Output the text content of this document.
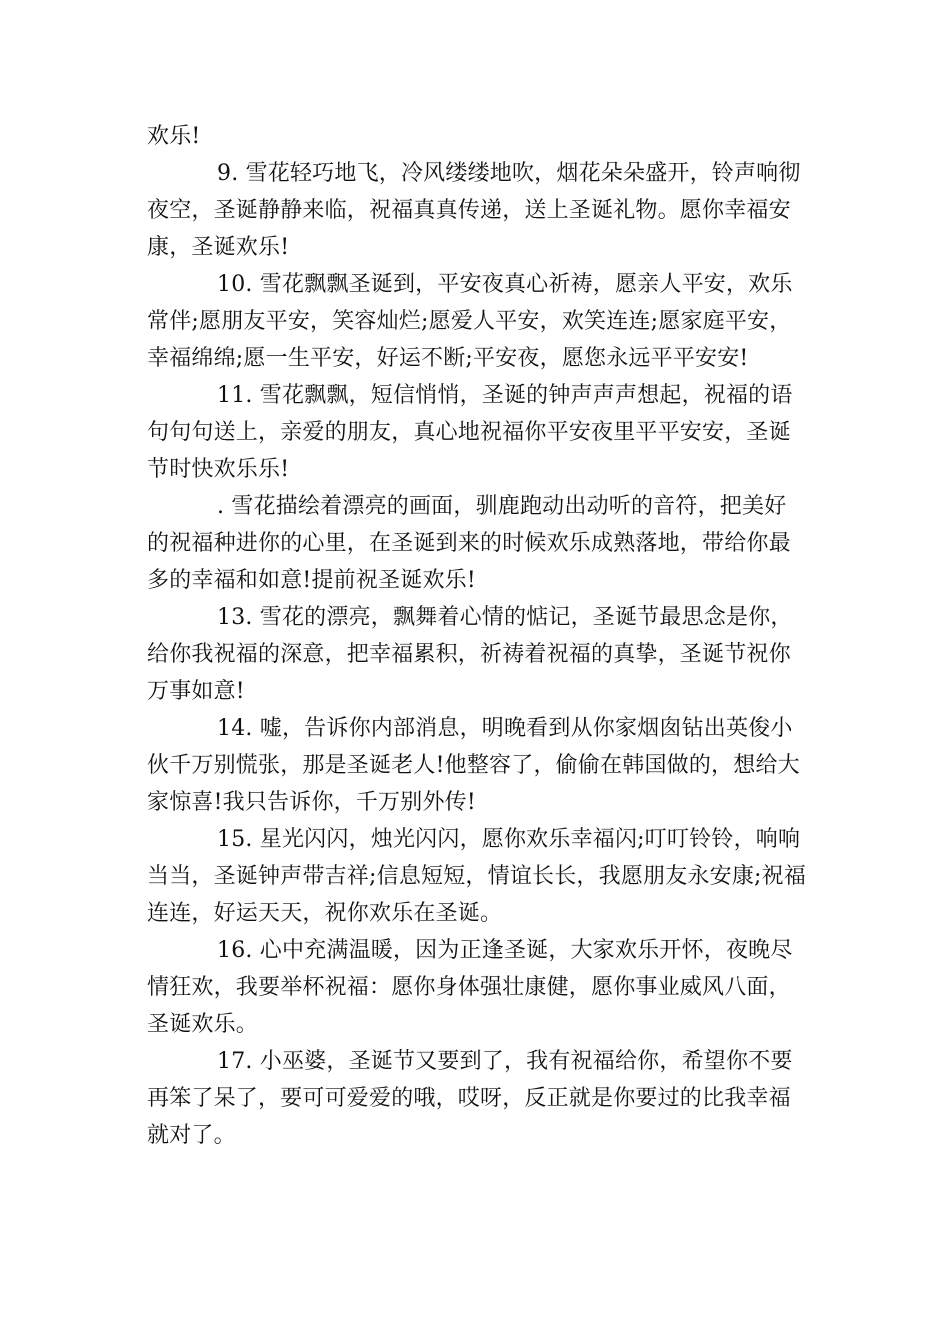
欢乐!

9. 雪花轻巧地飞，冷风缕缕地吹，烟花朵朵盛开，铃声响彻夜空，圣诞静静来临，祝福真真传递，送上圣诞礼物。愿你幸福安康，圣诞欢乐!

10. 雪花飘飘圣诞到，平安夜真心祈祷，愿亲人平安，欢乐常伴;愿朋友平安，笑容灿烂;愿爱人平安，欢笑连连;愿家庭平安，幸福绵绵;愿一生平安，好运不断;平安夜，愿您永远平平安安!

11. 雪花飘飘，短信悄悄，圣诞的钟声声声想起，祝福的语句句句送上，亲爱的朋友，真心地祝福你平安夜里平平安安，圣诞节时快欢乐乐!

. 雪花描绘着漂亮的画面，驯鹿跑动出动听的音符，把美好的祝福种进你的心里，在圣诞到来的时候欢乐成熟落地，带给你最多的幸福和如意!提前祝圣诞欢乐!

13. 雪花的漂亮，飘舞着心情的惦记，圣诞节最思念是你，给你我祝福的深意，把幸福累积，祈祷着祝福的真挚，圣诞节祝你万事如意!

14. 嘘，告诉你内部消息，明晚看到从你家烟囱钻出英俊小伙千万别慌张，那是圣诞老人!他整容了，偷偷在韩国做的，想给大家惊喜!我只告诉你，千万别外传!

15. 星光闪闪，烛光闪闪，愿你欢乐幸福闪;叮叮铃铃，响响当当，圣诞钟声带吉祥;信息短短，情谊长长，我愿朋友永安康;祝福连连，好运天天，祝你欢乐在圣诞。

16. 心中充满温暖，因为正逢圣诞，大家欢乐开怀，夜晚尽情狂欢，我要举杯祝福：愿你身体强壮康健，愿你事业威风八面，圣诞欢乐。

17. 小巫婆，圣诞节又要到了，我有祝福给你，希望你不要再笨了呆了，要可可爱爱的哦，哎呀，反正就是你要过的比我幸福就对了。
